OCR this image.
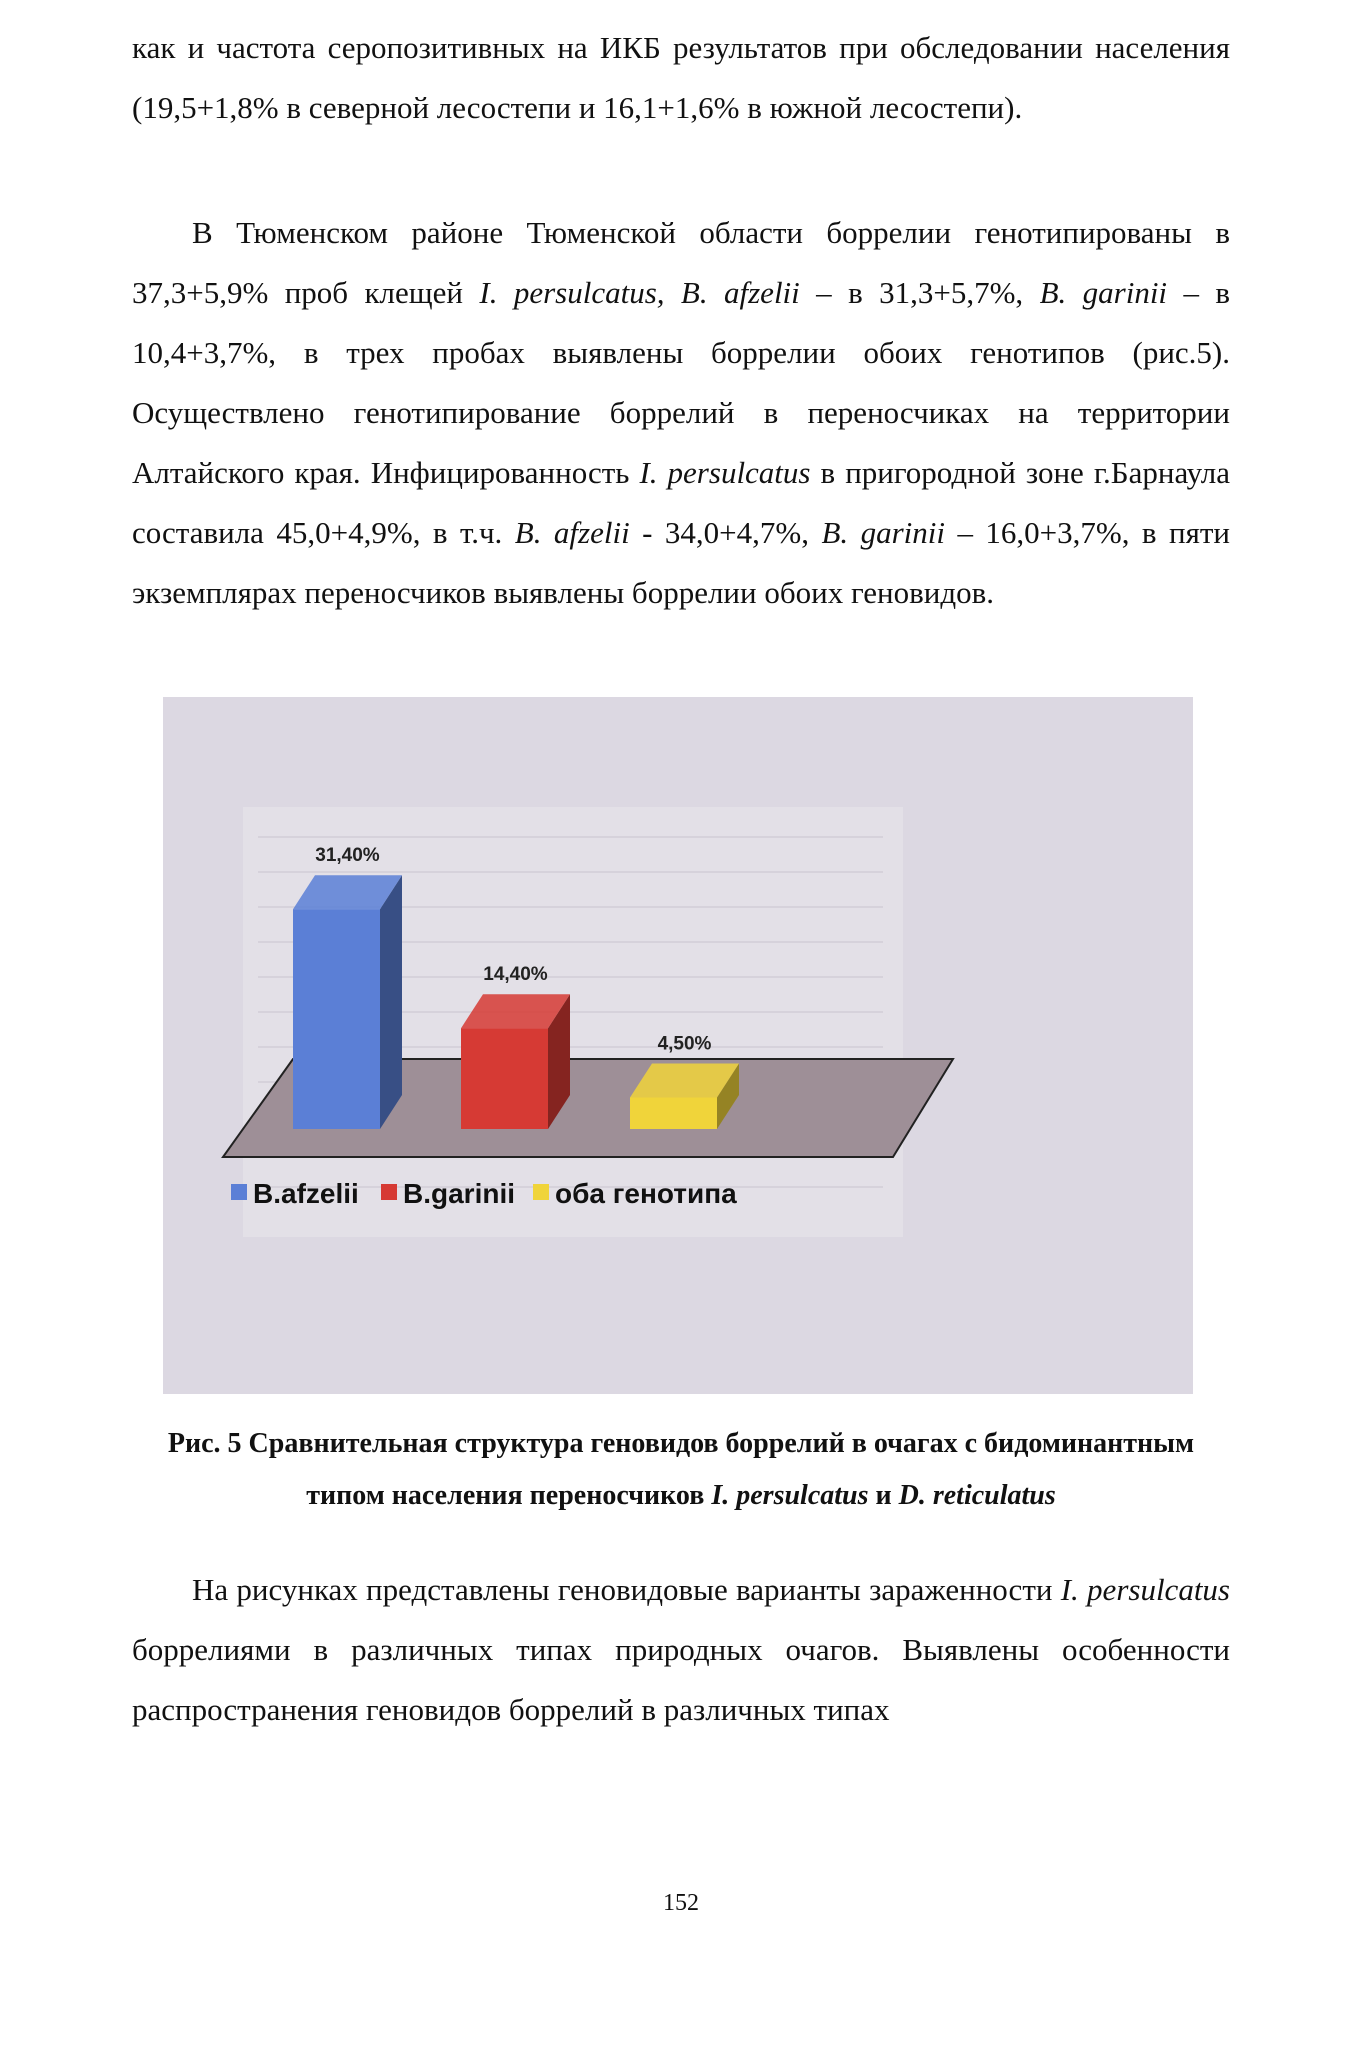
как и частота серопозитивных на ИКБ результатов при обследовании населения (19,5+1,8% в северной лесостепи и 16,1+1,6% в южной лесостепи).

В Тюменском районе Тюменской области боррелии генотипированы в 37,3+5,9% проб клещей I. persulcatus, B. afzelii – в 31,3+5,7%, B. garinii – в 10,4+3,7%, в трех пробах выявлены боррелии обоих генотипов (рис.5). Осуществлено генотипирование боррелий в переносчиках на территории Алтайского края. Инфицированность I. persulcatus в пригородной зоне г.Барнаула составила 45,0+4,9%, в т.ч. B. afzelii - 34,0+4,7%, B. garinii – 16,0+3,7%, в пяти экземплярах переносчиков выявлены боррелии обоих геновидов.

31,40%
14,40%
4,50%
B.afzelii B.garinii оба генотипа
Рис. 5 Сравнительная структура геновидов боррелий в очагах с бидоминантным
типом населения переносчиков I. persulcatus и D. reticulatus

На рисунках представлены геновидовые варианты зараженности I. persulcatus боррелиями в различных типах природных очагов. Выявлены особенности распространения геновидов боррелий в различных типах

152
